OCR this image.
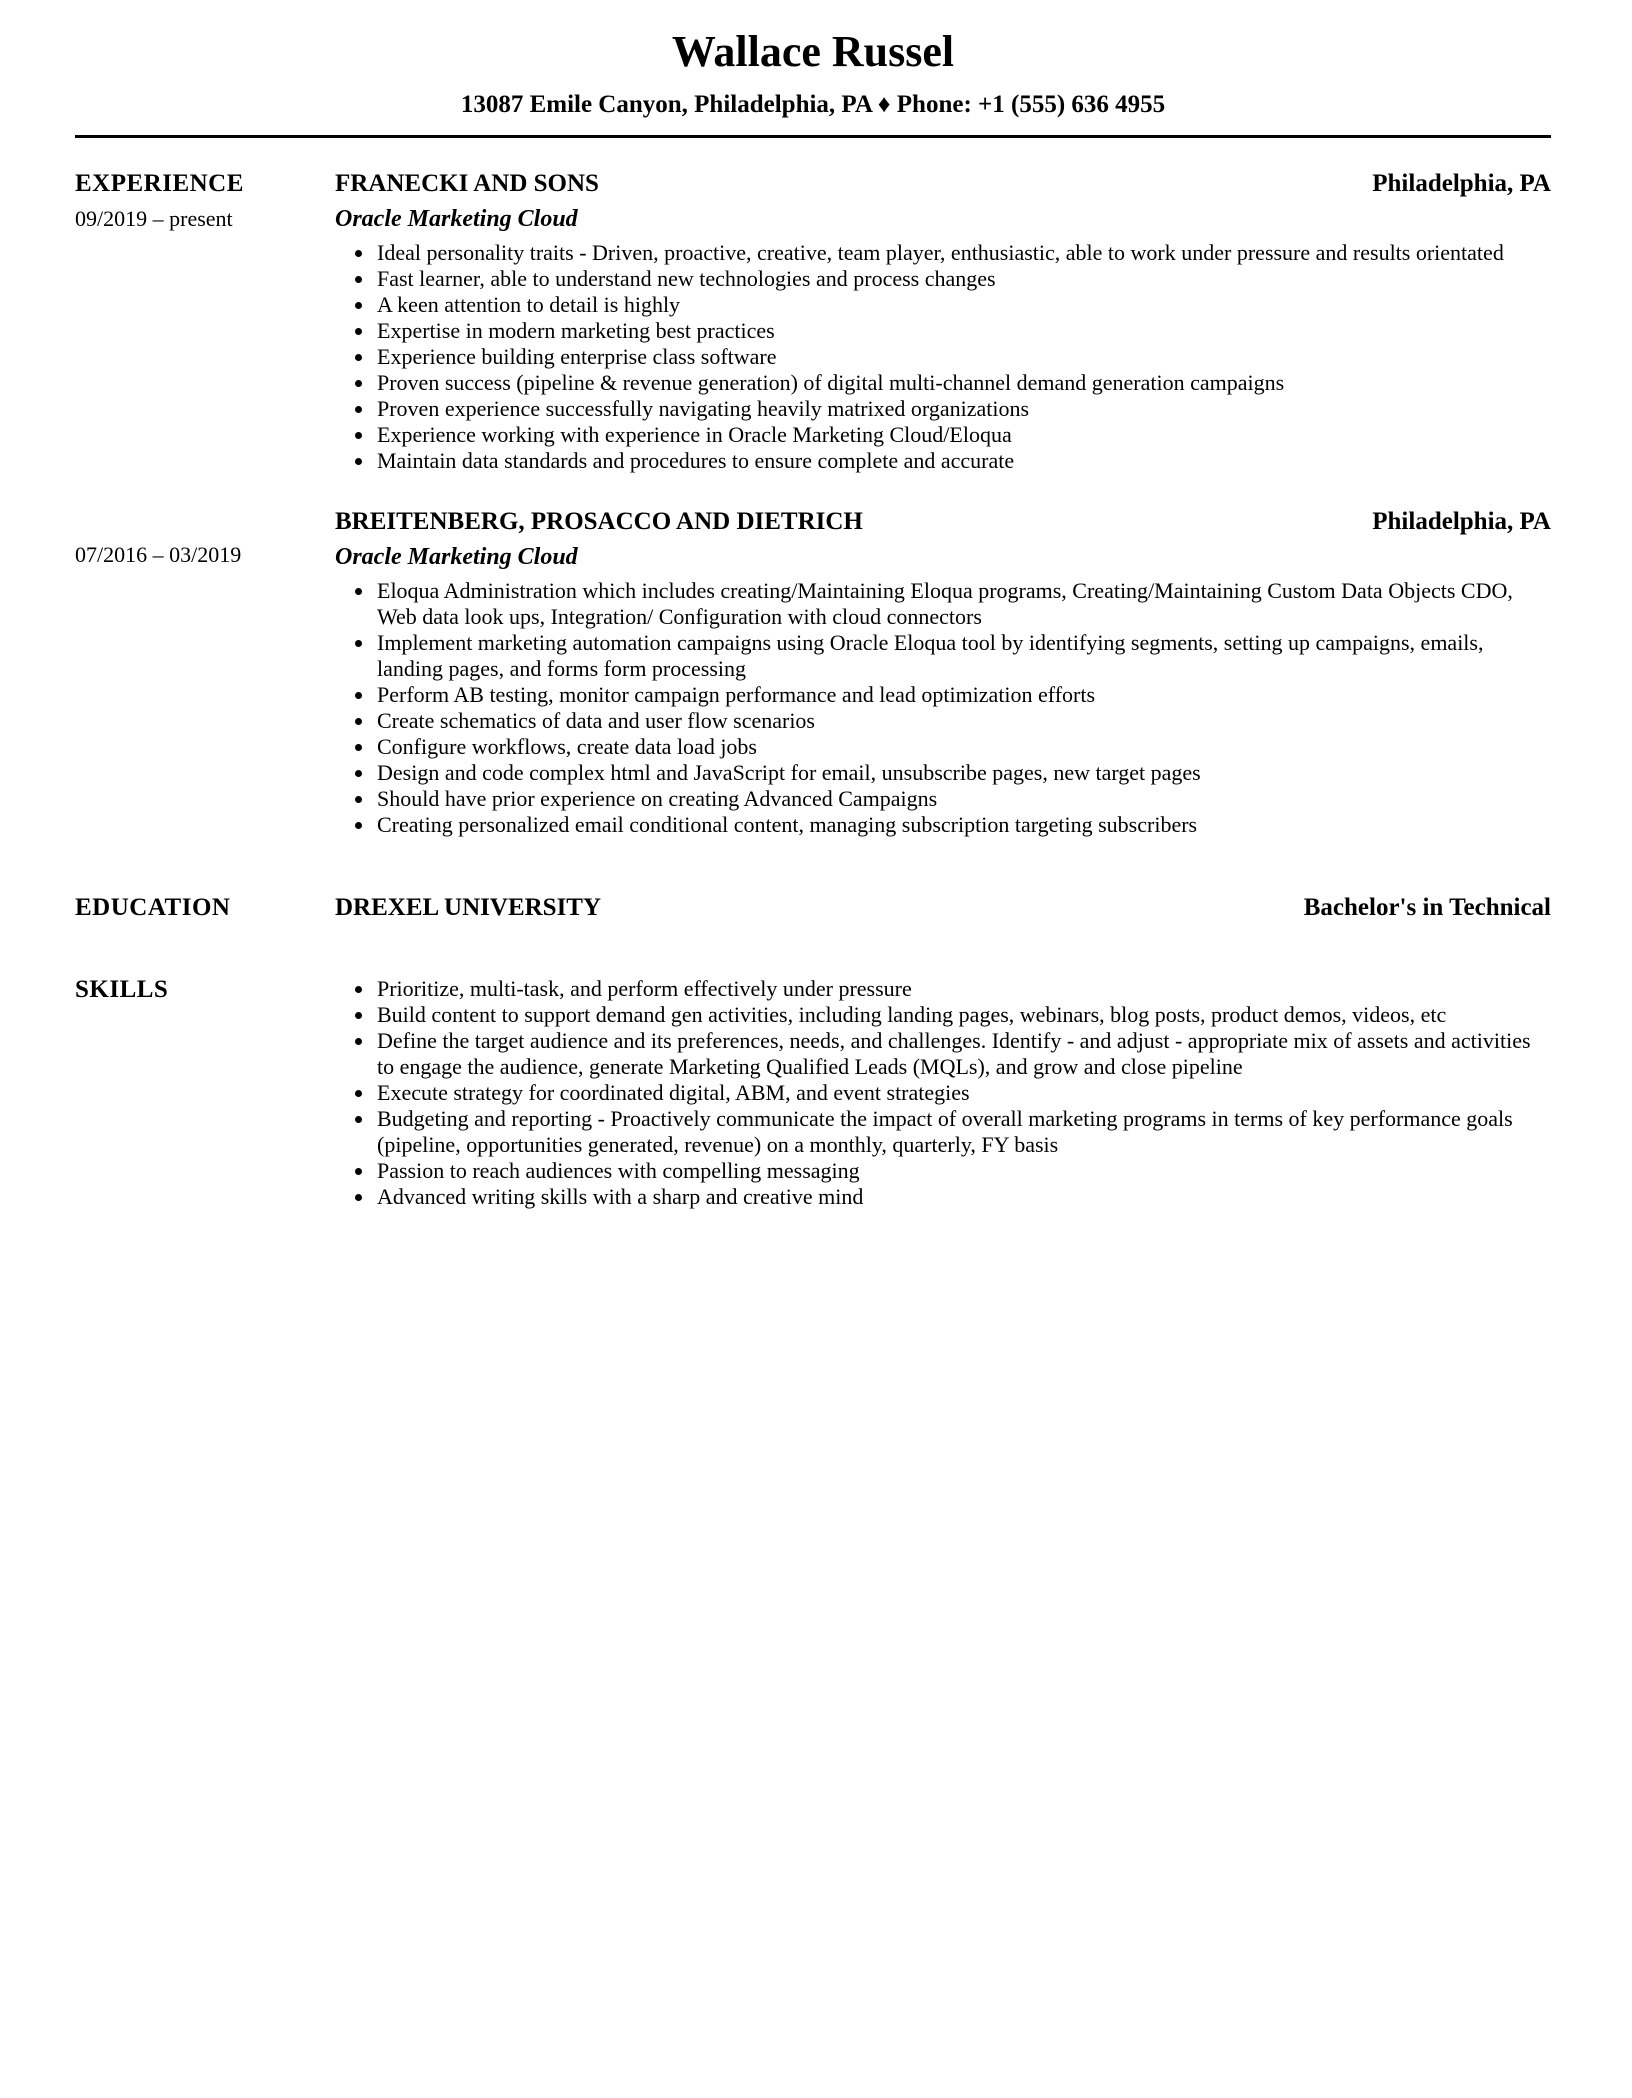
Wallace Russel
13087 Emile Canyon, Philadelphia, PA ♦ Phone: +1 (555) 636 4955
EXPERIENCE
09/2019 – present
FRANECKI AND SONS	Philadelphia, PA
Oracle Marketing Cloud
• Ideal personality traits - Driven, proactive, creative, team player, enthusiastic, able to work under pressure and results orientated
• Fast learner, able to understand new technologies and process changes
• A keen attention to detail is highly
• Expertise in modern marketing best practices
• Experience building enterprise class software
• Proven success (pipeline & revenue generation) of digital multi-channel demand generation campaigns
• Proven experience successfully navigating heavily matrixed organizations
• Experience working with experience in Oracle Marketing Cloud/Eloqua
• Maintain data standards and procedures to ensure complete and accurate
07/2016 – 03/2019
BREITENBERG, PROSACCO AND DIETRICH	Philadelphia, PA
Oracle Marketing Cloud
• Eloqua Administration which includes creating/Maintaining Eloqua programs, Creating/Maintaining Custom Data Objects CDO, Web data look ups, Integration/ Configuration with cloud connectors
• Implement marketing automation campaigns using Oracle Eloqua tool by identifying segments, setting up campaigns, emails, landing pages, and forms form processing
• Perform AB testing, monitor campaign performance and lead optimization efforts
• Create schematics of data and user flow scenarios
• Configure workflows, create data load jobs
• Design and code complex html and JavaScript for email, unsubscribe pages, new target pages
• Should have prior experience on creating Advanced Campaigns
• Creating personalized email conditional content, managing subscription targeting subscribers
EDUCATION	DREXEL UNIVERSITY	Bachelor's in Technical
SKILLS	• Prioritize, multi-task, and perform effectively under pressure
• Build content to support demand gen activities, including landing pages, webinars, blog posts, product demos, videos, etc
• Define the target audience and its preferences, needs, and challenges. Identify - and adjust - appropriate mix of assets and activities to engage the audience, generate Marketing Qualified Leads (MQLs), and grow and close pipeline
• Execute strategy for coordinated digital, ABM, and event strategies
• Budgeting and reporting - Proactively communicate the impact of overall marketing programs in terms of key performance goals (pipeline, opportunities generated, revenue) on a monthly, quarterly, FY basis
• Passion to reach audiences with compelling messaging
• Advanced writing skills with a sharp and creative mind
